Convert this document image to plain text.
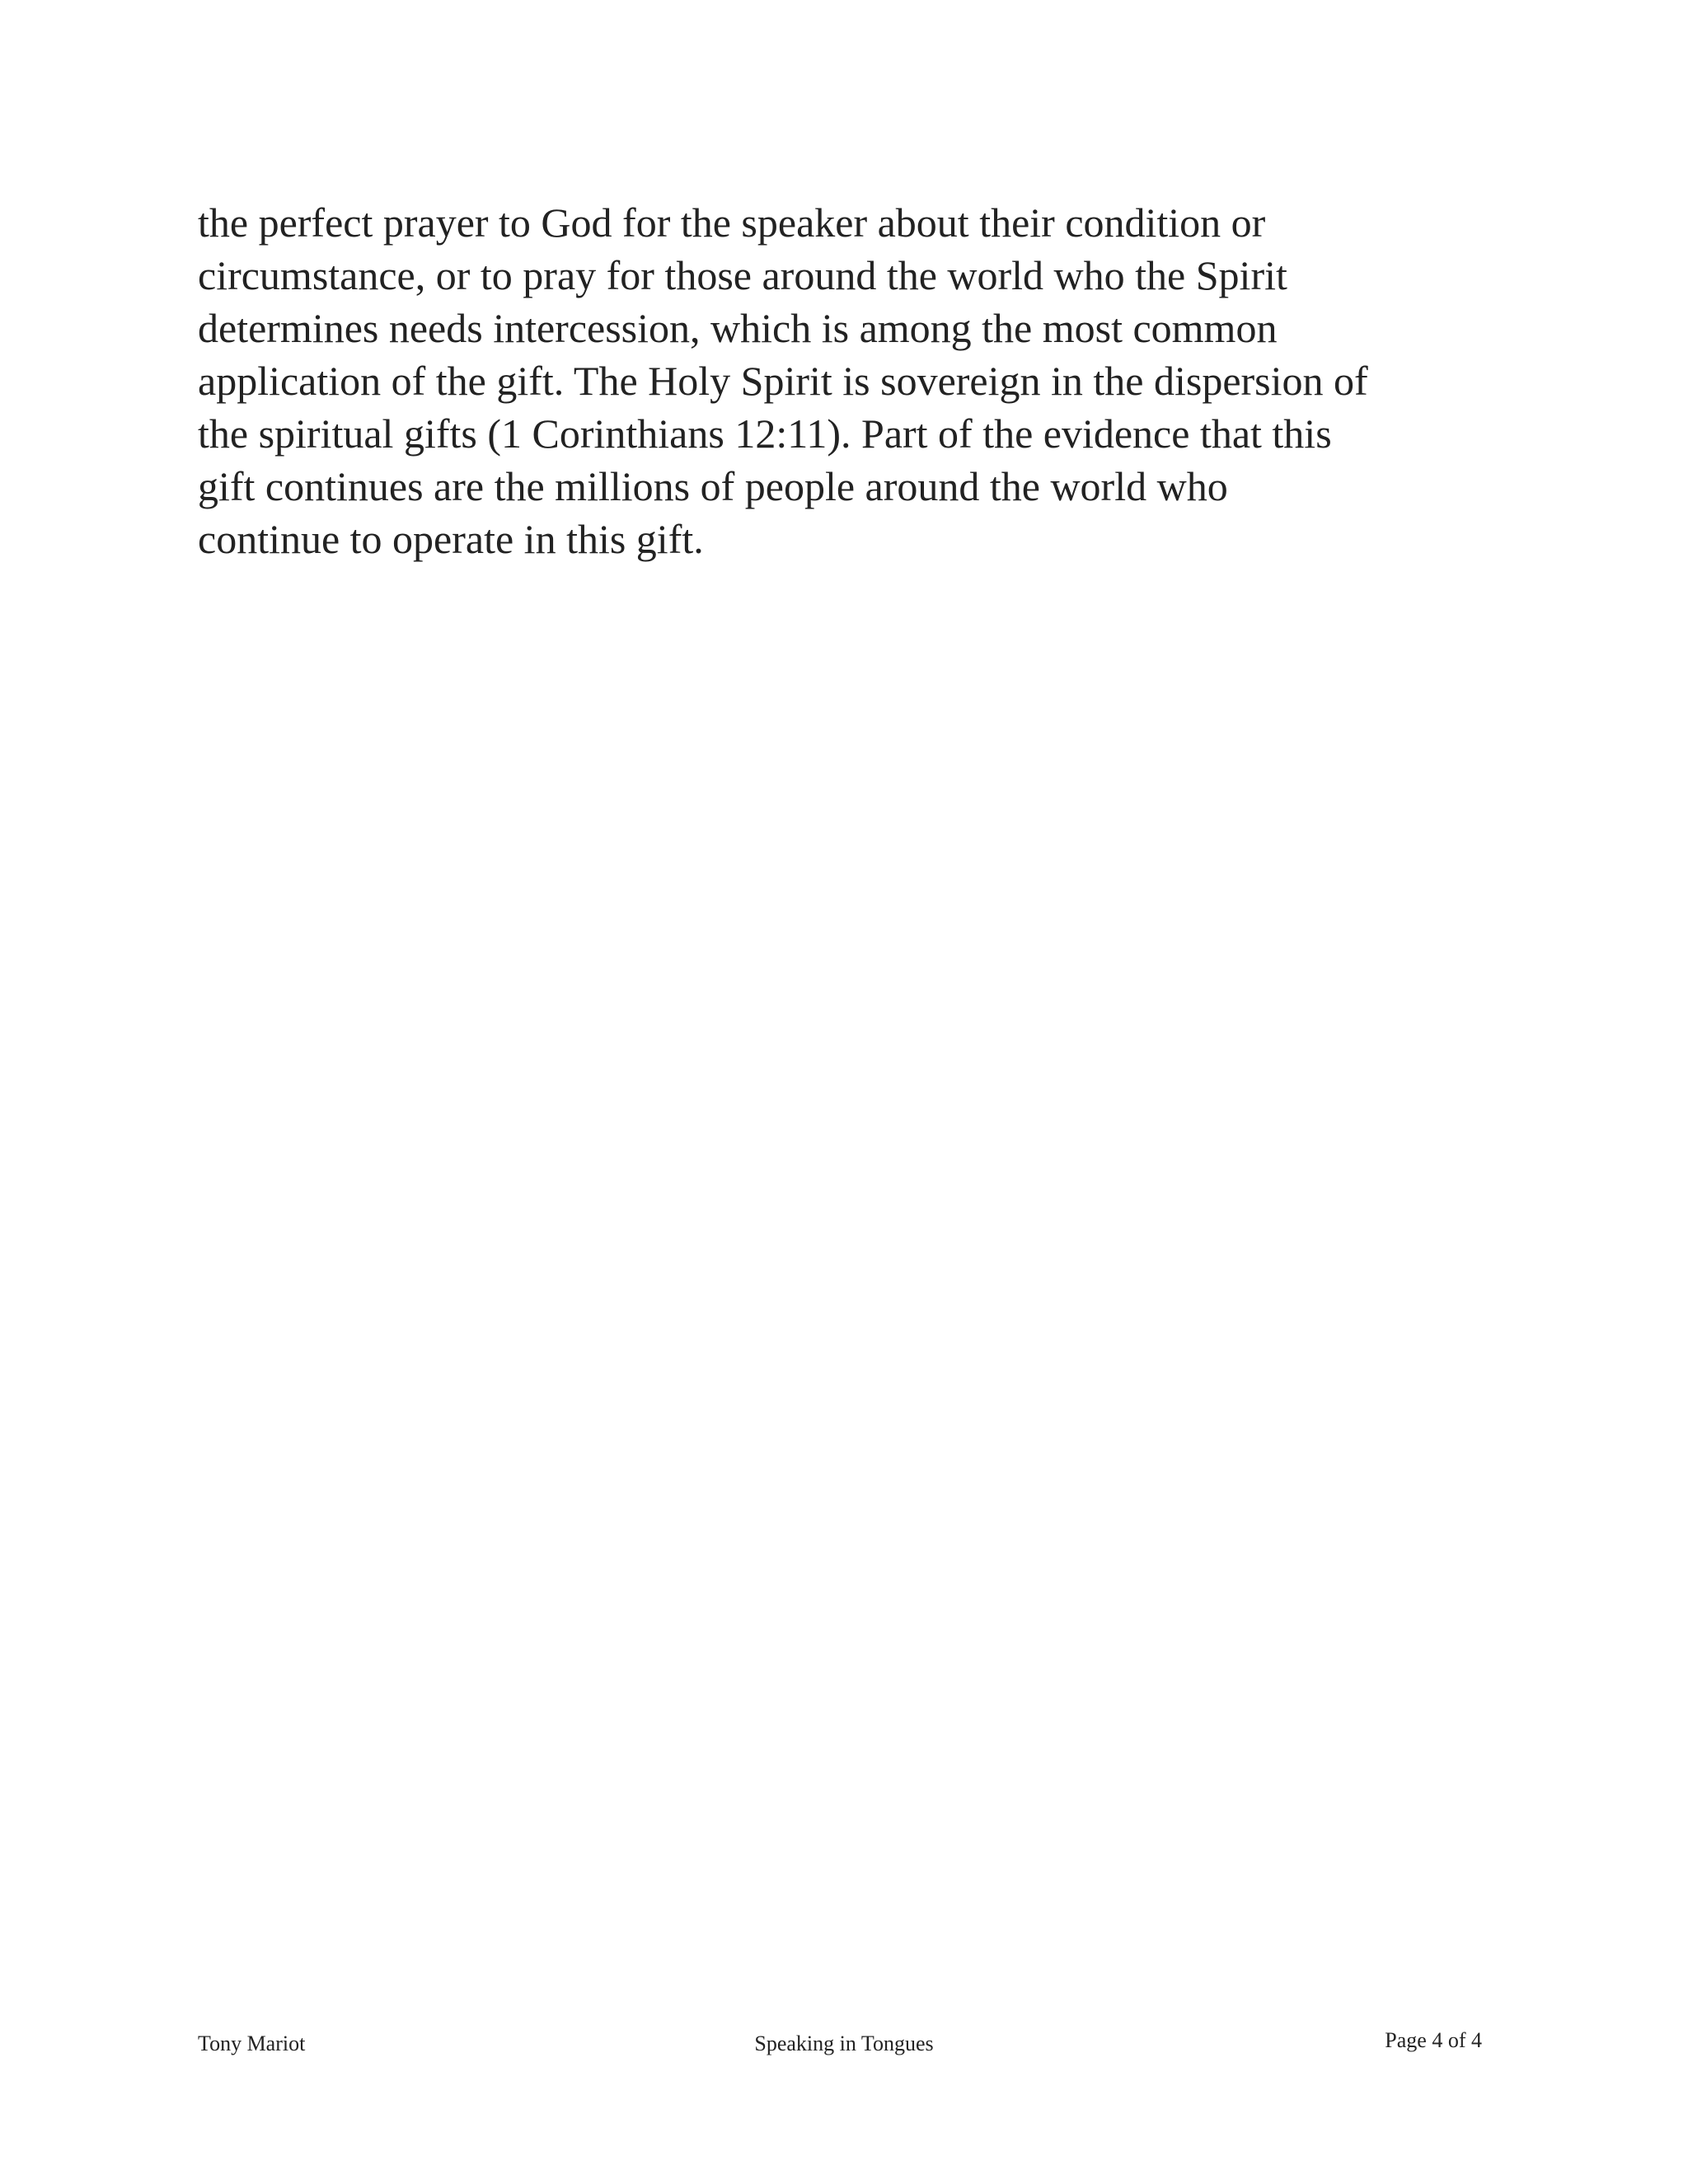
the perfect prayer to God for the speaker about their condition or
circumstance, or to pray for those around the world who the Spirit
determines needs intercession, which is among the most common
application of the gift. The Holy Spirit is sovereign in the dispersion of
the spiritual gifts (1 Corinthians 12:11). Part of the evidence that this
gift continues are the millions of people around the world who
continue to operate in this gift.
Speaking in Tongues
Tony Mariot	Page 4 of 4
